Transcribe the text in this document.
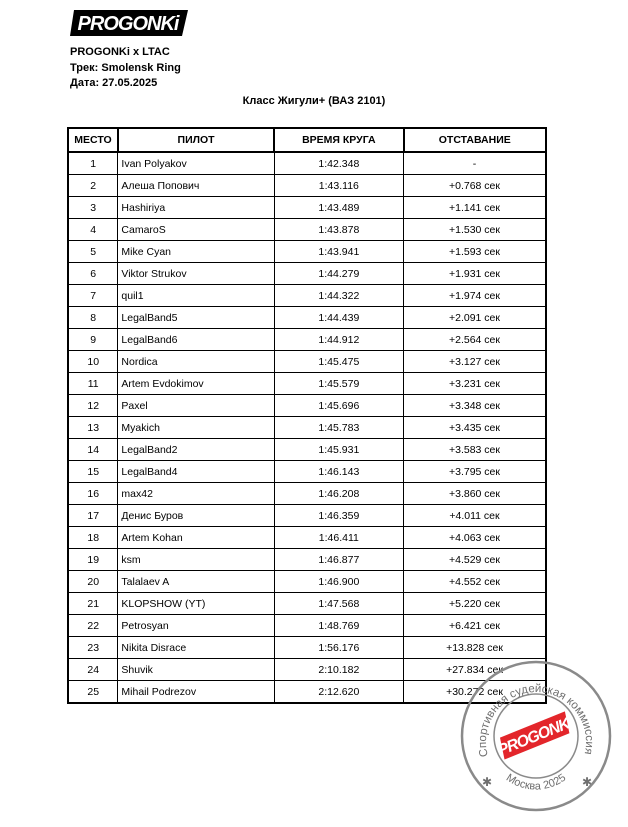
PROGONKi
PROGONKi x LTAC
Трек: Smolensk Ring
Дата: 27.05.2025
Класс Жигули+ (ВАЗ 2101)
МЕСТО	ПИЛОТ	ВРЕМЯ КРУГА	ОТСТАВАНИЕ
1	Ivan Polyakov	1:42.348	-
2	Алеша Попович	1:43.116	+0.768 сек
3	Hashiriya	1:43.489	+1.141 сек
4	CamaroS	1:43.878	+1.530 сек
5	Mike Cyan	1:43.941	+1.593 сек
6	Viktor Strukov	1:44.279	+1.931 сек
7	quil1	1:44.322	+1.974 сек
8	LegalBand5	1:44.439	+2.091 сек
9	LegalBand6	1:44.912	+2.564 сек
10	Nordica	1:45.475	+3.127 сек
11	Artem Evdokimov	1:45.579	+3.231 сек
12	Paxel	1:45.696	+3.348 сек
13	Myakich	1:45.783	+3.435 сек
14	LegalBand2	1:45.931	+3.583 сек
15	LegalBand4	1:46.143	+3.795 сек
16	max42	1:46.208	+3.860 сек
17	Денис Буров	1:46.359	+4.011 сек
18	Artem Kohan	1:46.411	+4.063 сек
19	ksm	1:46.877	+4.529 сек
20	Talalaev A	1:46.900	+4.552 сек
21	KLOPSHOW (YT)	1:47.568	+5.220 сек
22	Petrosyan	1:48.769	+6.421 сек
23	Nikita Disrace	1:56.176	+13.828 сек
24	Shuvik	2:10.182	+27.834 сек
25	Mihail Podrezov	2:12.620	+30.272 сек
Спортивная судейская коммиссия
Москва 2025
✱	✱
PROGONKi
